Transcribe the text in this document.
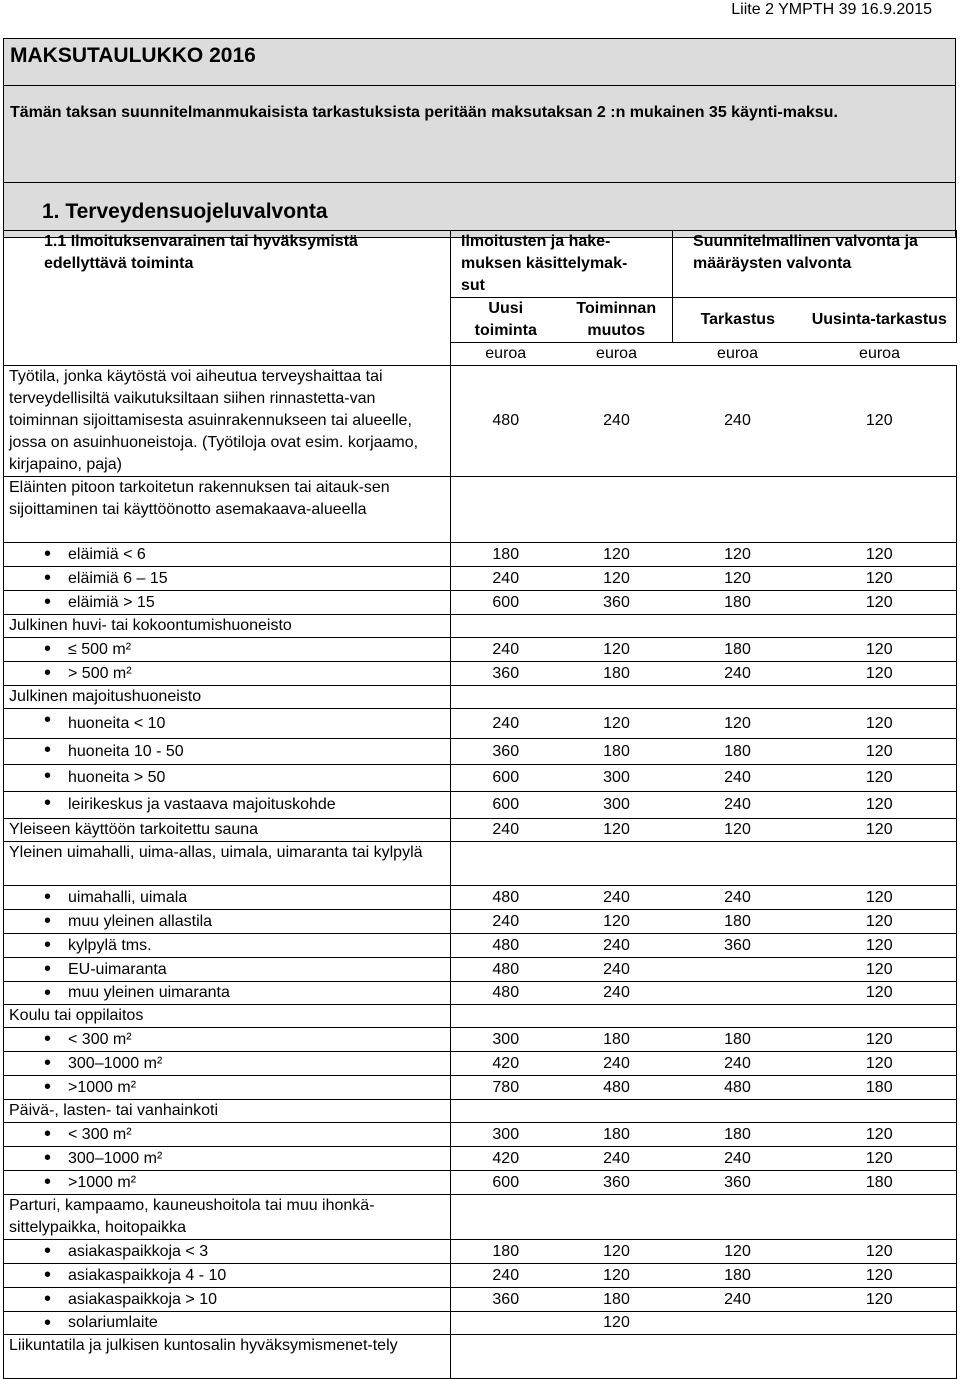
Liite 2 YMPTH 39 16.9.2015
MAKSUTAULUKKO 2016

Tämän taksan suunnitelmanmukaisista tarkastuksista peritään maksutaksan 2 :n mukainen 35 käynti-maksu.

1. Terveydensuojeluvalvonta
1.1 Ilmoituksenvarainen tai hyväksymistä edellyttävä toiminta	Ilmoitusten ja hake-muksen käsittelymak-sut		Suunnitelmallinen valvonta ja määräysten valvonta	
	Uusi toiminta	Toiminnan muutos	Tarkastus	Uusinta-tarkastus
	euroa	euroa	euroa	euroa
Työtila, jonka käytöstä voi aiheutua terveyshaittaa tai terveydellisiltä vaikutuksiltaan siihen rinnastetta-van toiminnan sijoittamisesta asuinrakennukseen tai alueelle, jossa on asuinhuoneistoja. (Työtiloja ovat esim. korjaamo, kirjapaino, paja)	480	240	240	120
Eläinten pitoon tarkoitetun rakennuksen tai aitauk-sen sijoittaminen tai käyttöönotto asemakaava-alueella				
• eläimiä < 6	180	120	120	120
• eläimiä 6 – 15	240	120	120	120
• eläimiä > 15	600	360	180	120
Julkinen huvi- tai kokoontumishuoneisto				
• ≤ 500 m²	240	120	180	120
• > 500 m²	360	180	240	120
Julkinen majoitushuoneisto				
• huoneita < 10	240	120	120	120
• huoneita 10 - 50	360	180	180	120
• huoneita > 50	600	300	240	120
• leirikeskus ja vastaava majoituskohde	600	300	240	120
Yleiseen käyttöön tarkoitettu sauna	240	120	120	120
Yleinen uimahalli, uima-allas, uimala, uimaranta tai kylpylä				
• uimahalli, uimala	480	240	240	120
• muu yleinen allastila	240	120	180	120
• kylpylä tms.	480	240	360	120
• EU-uimaranta	480	240		120
• muu yleinen uimaranta	480	240		120
Koulu tai oppilaitos				
• < 300 m²	300	180	180	120
• 300–1000 m²	420	240	240	120
• >1000 m²	780	480	480	180
Päivä-, lasten- tai vanhainkoti				
• < 300 m²	300	180	180	120
• 300–1000 m²	420	240	240	120
• >1000 m²	600	360	360	180
Parturi, kampaamo, kauneushoitola tai muu ihonkä-sittelypaikka, hoitopaikka				
• asiakaspaikkoja < 3	180	120	120	120
• asiakaspaikkoja 4 - 10	240	120	180	120
• asiakaspaikkoja > 10	360	180	240	120
• solariumlaite		120		
Liikuntatila ja julkisen kuntosalin hyväksymismenet-tely				
